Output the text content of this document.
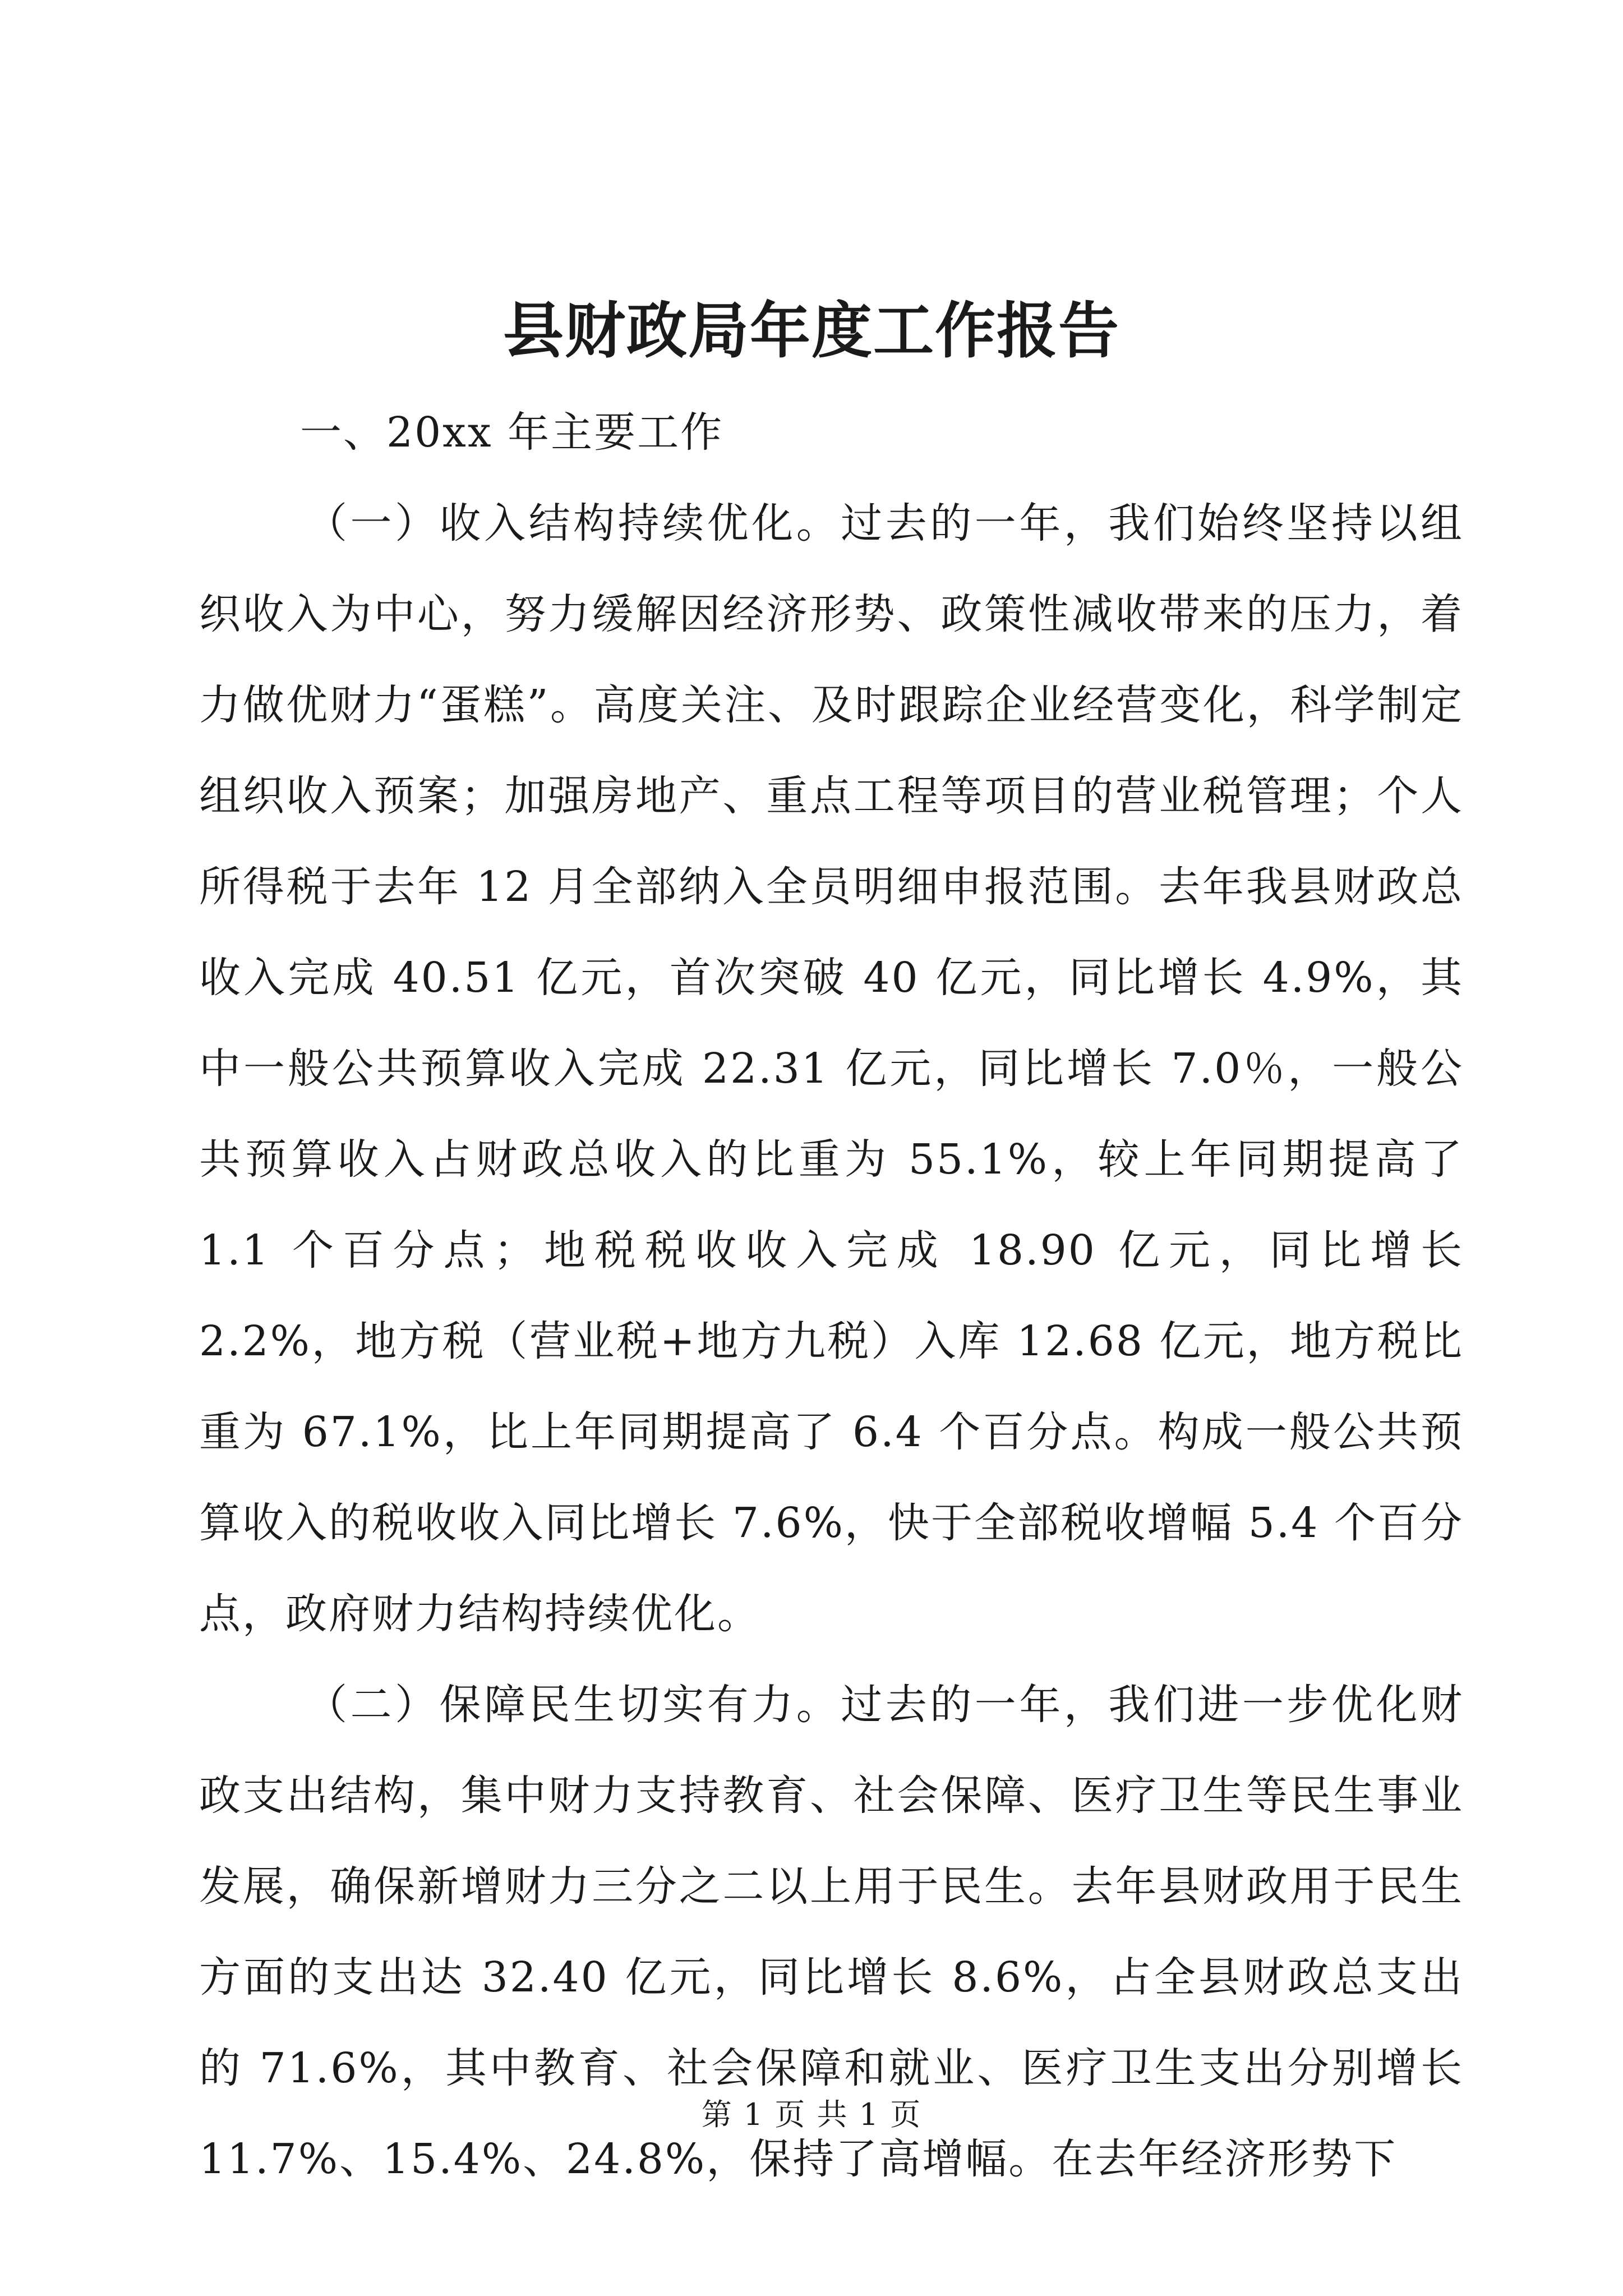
县财政局年度工作报告

一、20xx 年主要工作

（一）收入结构持续优化。过去的一年，我们始终坚持以组织收入为中心，努力缓解因经济形势、政策性减收带来的压力，着力做优财力“蛋糕”。高度关注、及时跟踪企业经营变化，科学制定组织收入预案；加强房地产、重点工程等项目的营业税管理；个人所得税于去年 12 月全部纳入全员明细申报范围。去年我县财政总收入完成 40.51 亿元，首次突破 40 亿元，同比增长 4.9%，其中一般公共预算收入完成 22.31 亿元，同比增长 7.0％，一般公共预算收入占财政总收入的比重为 55.1%，较上年同期提高了 1.1 个百分点；地税税收收入完成 18.90 亿元，同比增长 2.2%，地方税（营业税+地方九税）入库 12.68 亿元，地方税比重为 67.1%，比上年同期提高了 6.4 个百分点。构成一般公共预算收入的税收收入同比增长 7.6%，快于全部税收增幅 5.4 个百分点，政府财力结构持续优化。

（二）保障民生切实有力。过去的一年，我们进一步优化财政支出结构，集中财力支持教育、社会保障、医疗卫生等民生事业发展，确保新增财力三分之二以上用于民生。去年县财政用于民生方面的支出达 32.40 亿元，同比增长 8.6%，占全县财政总支出的 71.6%，其中教育、社会保障和就业、医疗卫生支出分别增长 11.7%、15.4%、24.8%，保持了高增幅。在去年经济形势下

第 1 页 共 1 页
